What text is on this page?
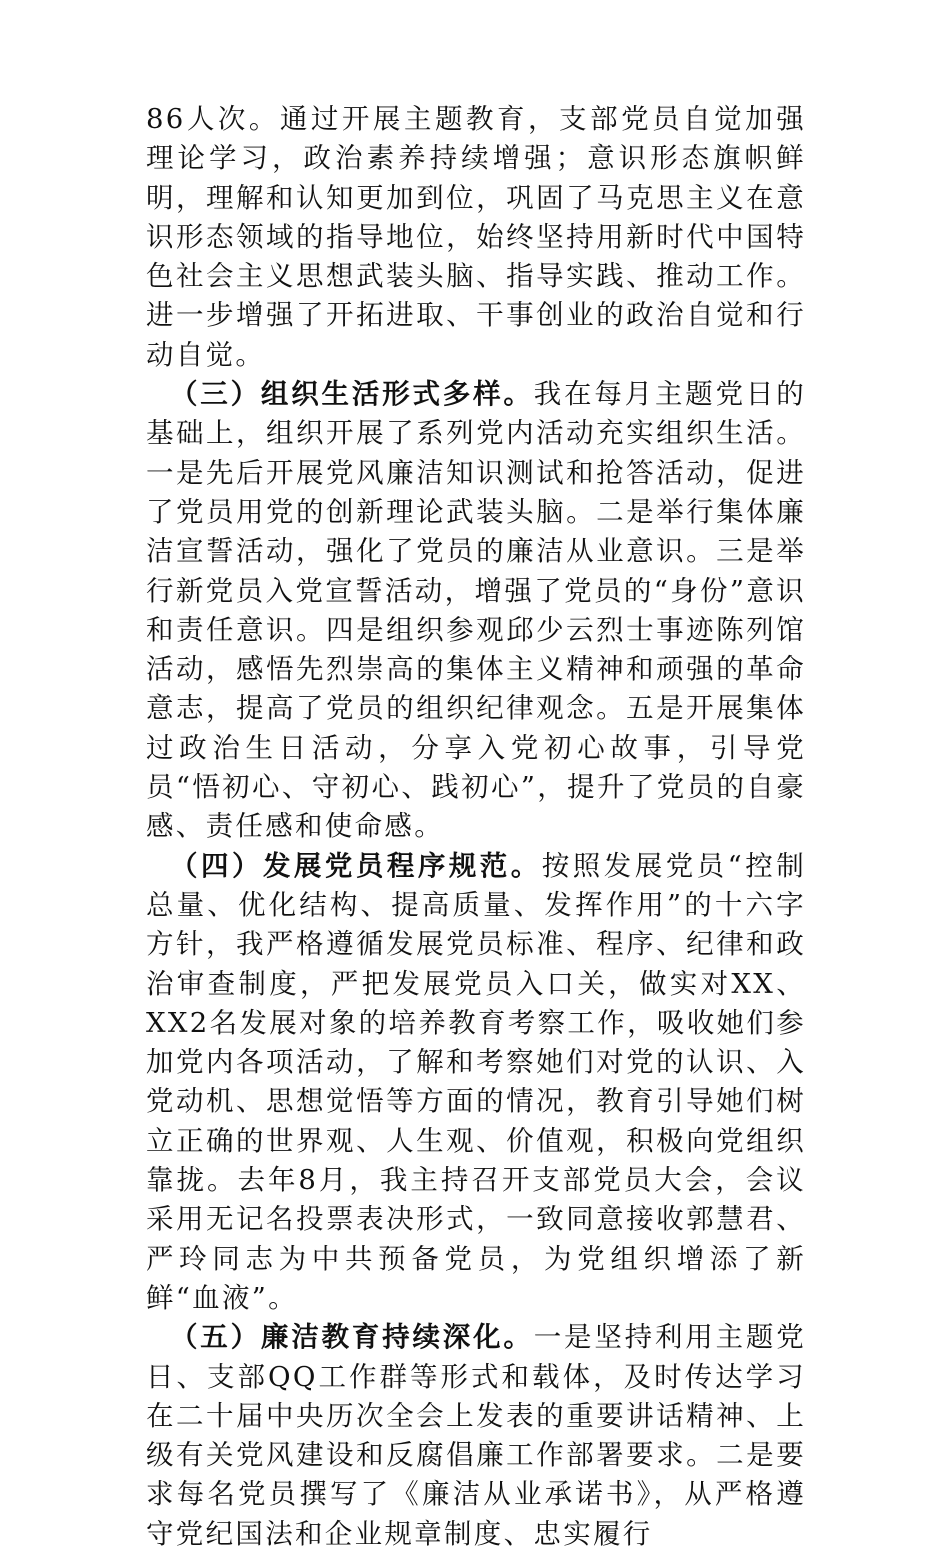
86人次。通过开展主题教育，支部党员自觉加强理论学习，政治素养持续增强；意识形态旗帜鲜明，理解和认知更加到位，巩固了马克思主义在意识形态领域的指导地位，始终坚持用新时代中国特色社会主义思想武装头脑、指导实践、推动工作。进一步增强了开拓进取、干事创业的政治自觉和行动自觉。

（三）组织生活形式多样。我在每月主题党日的基础上，组织开展了系列党内活动充实组织生活。一是先后开展党风廉洁知识测试和抢答活动，促进了党员用党的创新理论武装头脑。二是举行集体廉洁宣誓活动，强化了党员的廉洁从业意识。三是举行新党员入党宣誓活动，增强了党员的“身份”意识和责任意识。四是组织参观邱少云烈士事迹陈列馆活动，感悟先烈崇高的集体主义精神和顽强的革命意志，提高了党员的组织纪律观念。五是开展集体过政治生日活动，分享入党初心故事，引导党员“悟初心、守初心、践初心”，提升了党员的自豪感、责任感和使命感。

（四）发展党员程序规范。按照发展党员“控制总量、优化结构、提高质量、发挥作用”的十六字方针，我严格遵循发展党员标准、程序、纪律和政治审查制度，严把发展党员入口关，做实对XX、XX2名发展对象的培养教育考察工作，吸收她们参加党内各项活动，了解和考察她们对党的认识、入党动机、思想觉悟等方面的情况，教育引导她们树立正确的世界观、人生观、价值观，积极向党组织靠拢。去年8月，我主持召开支部党员大会，会议采用无记名投票表决形式，一致同意接收郭慧君、严玲同志为中共预备党员，为党组织增添了新鲜“血液”。

（五）廉洁教育持续深化。一是坚持利用主题党日、支部QQ工作群等形式和载体，及时传达学习在二十届中央历次全会上发表的重要讲话精神、上级有关党风建设和反腐倡廉工作部署要求。二是要求每名党员撰写了《廉洁从业承诺书》，从严格遵守党纪国法和企业规章制度、忠实履行
